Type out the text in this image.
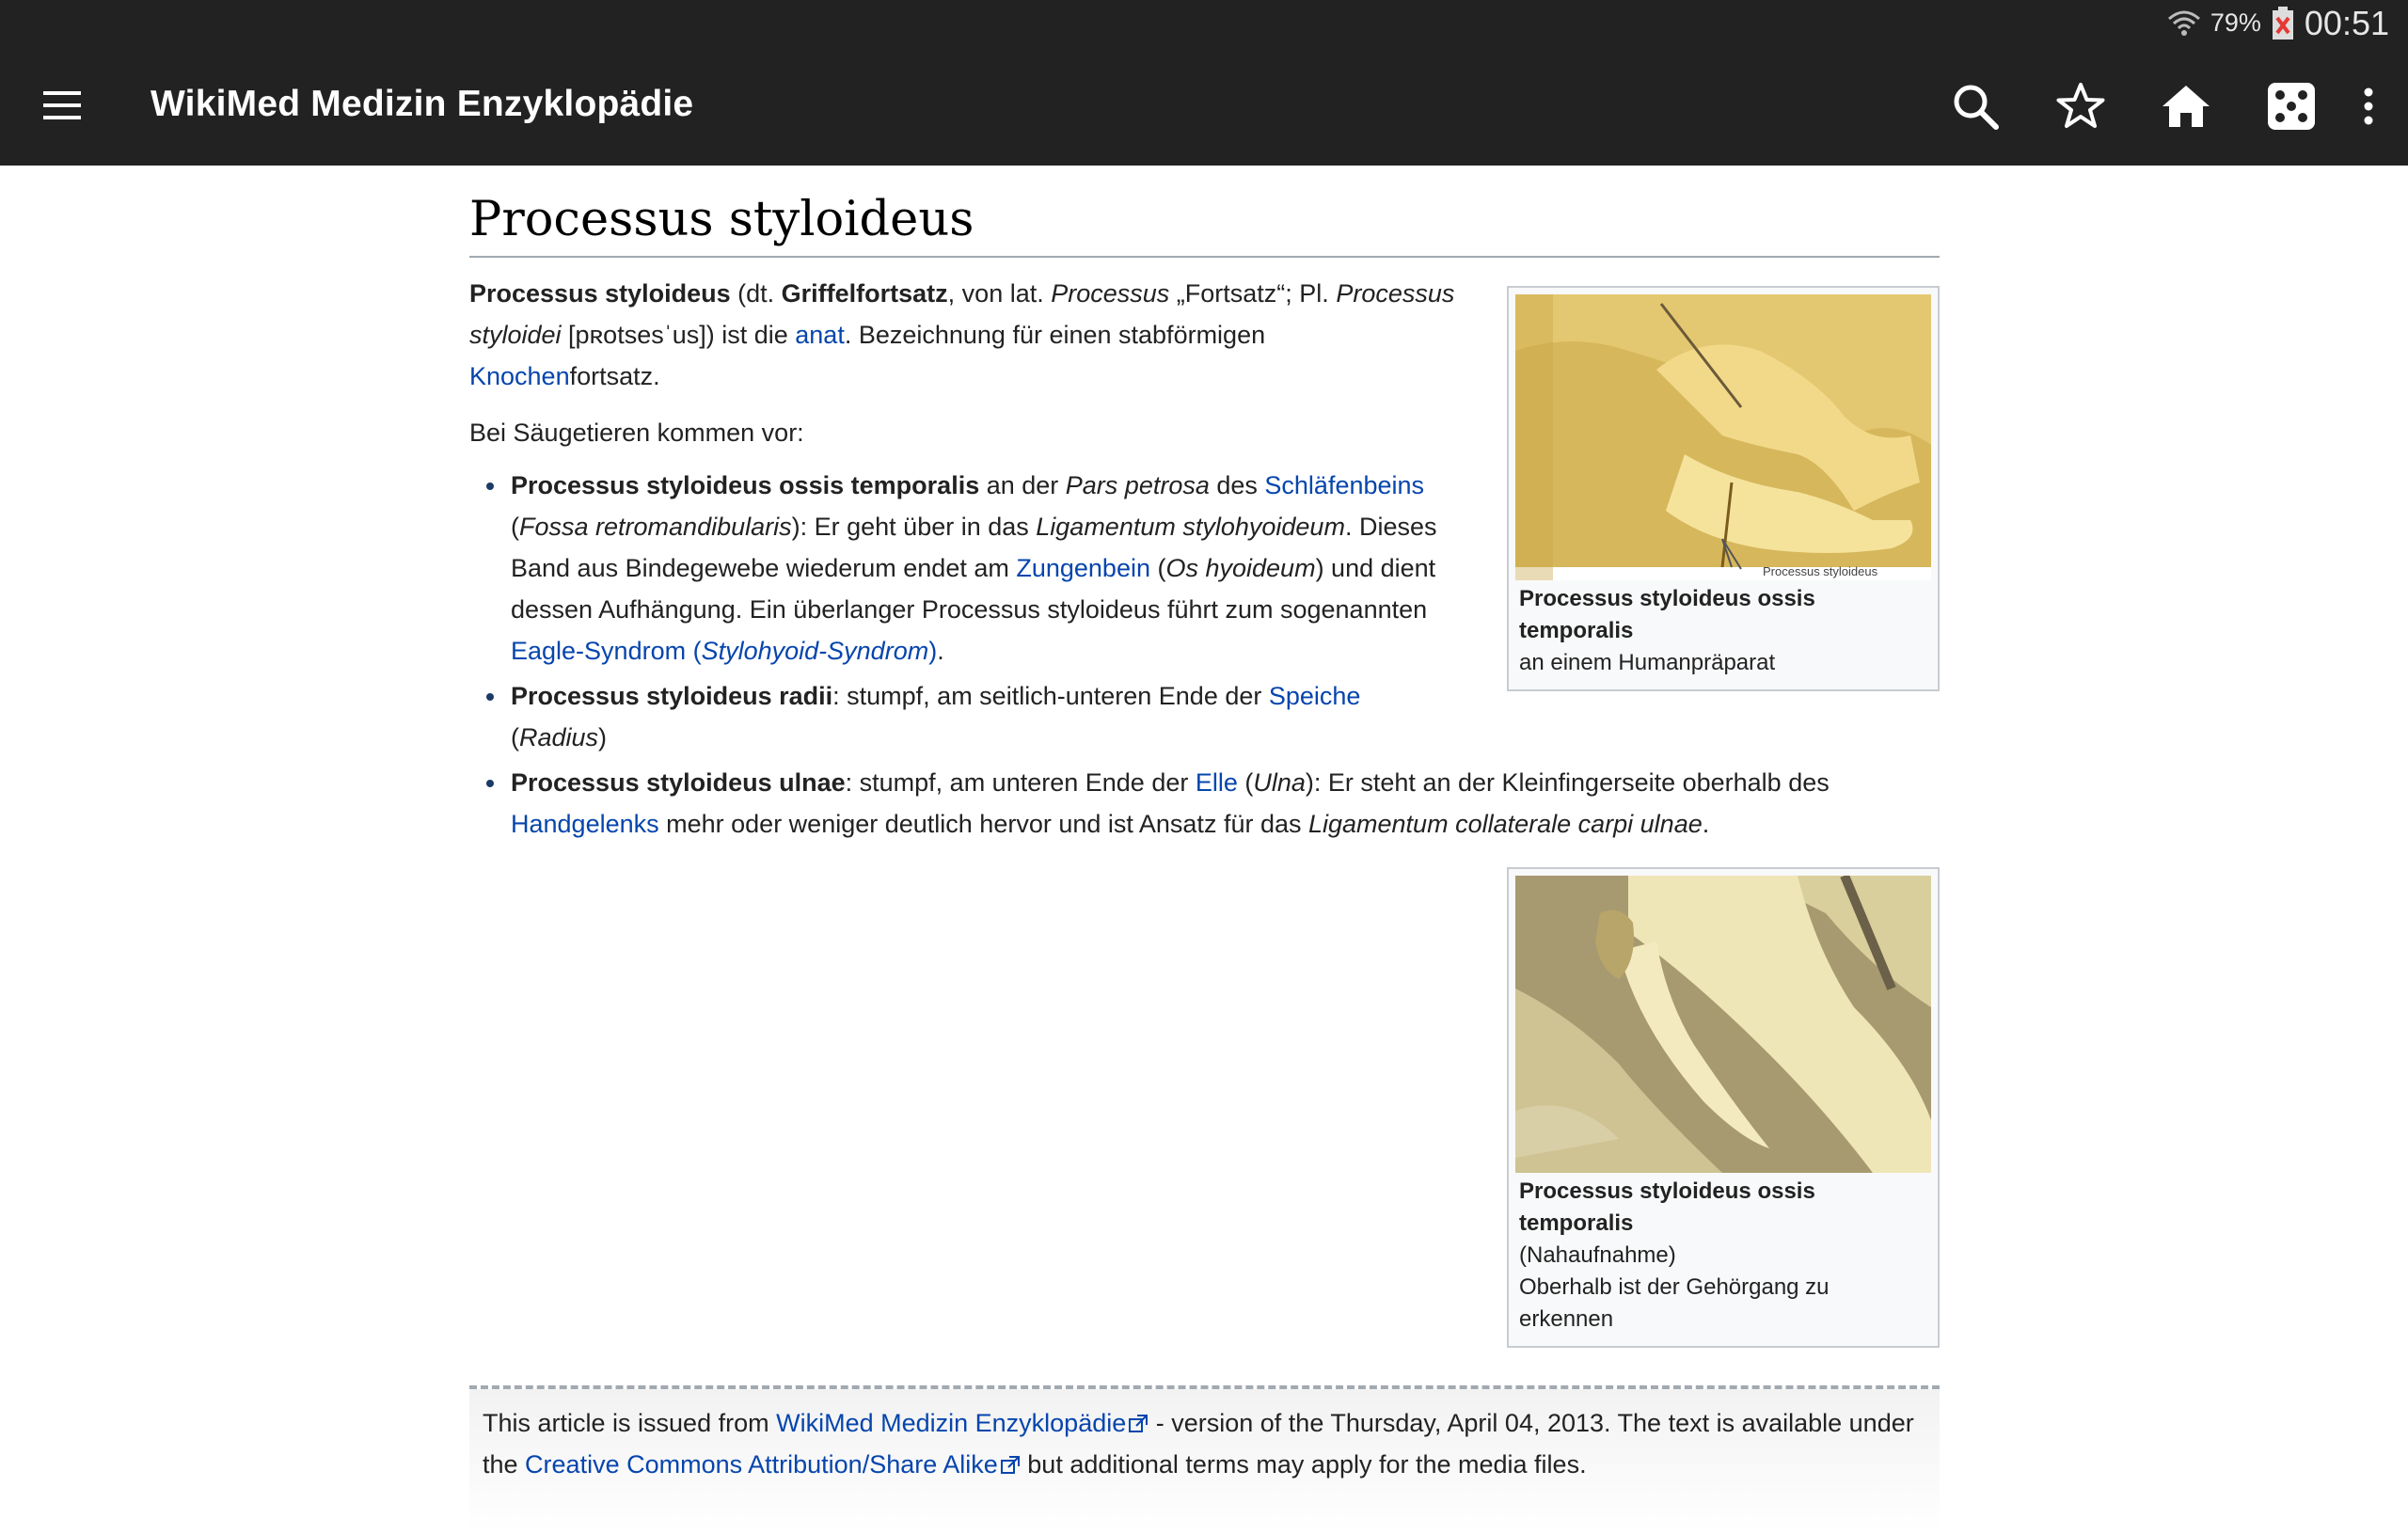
79% 00:51
WikiMed Medizin Enzyklopädie
Processus styloideus
Processus styloideus
Processus styloideus ossis temporalis
an einem Humanpräparat

Processus styloideus (dt. Griffelfortsatz, von lat. Processus „Fortsatz“; Pl. Processus styloidei [pʀotsesˈus]) ist die anat. Bezeichnung für einen stabförmigen Knochenfortsatz.

Bei Säugetieren kommen vor:

Processus styloideus ossis temporalis an der Pars petrosa des Schläfenbeins (Fossa retromandibularis): Er geht über in das Ligamentum stylohyoideum. Dieses Band aus Bindegewebe wiederum endet am Zungenbein (Os hyoideum) und dient dessen Aufhängung. Ein überlanger Processus styloideus führt zum sogenannten Eagle-Syndrom (Stylohyoid-Syndrom).
Processus styloideus radii: stumpf, am seitlich-unteren Ende der Speiche (Radius)
Processus styloideus ulnae: stumpf, am unteren Ende der Elle (Ulna): Er steht an der Kleinfingerseite oberhalb des Handgelenks mehr oder weniger deutlich hervor und ist Ansatz für das Ligamentum collaterale carpi ulnae.
Processus styloideus ossis temporalis
(Nahaufnahme)
Oberhalb ist der Gehörgang zu erkennen
This article is issued from WikiMed Medizin Enzyklopädie - version of the Thursday, April 04, 2013. The text is available under the Creative Commons Attribution/Share Alike but additional terms may apply for the media files.
